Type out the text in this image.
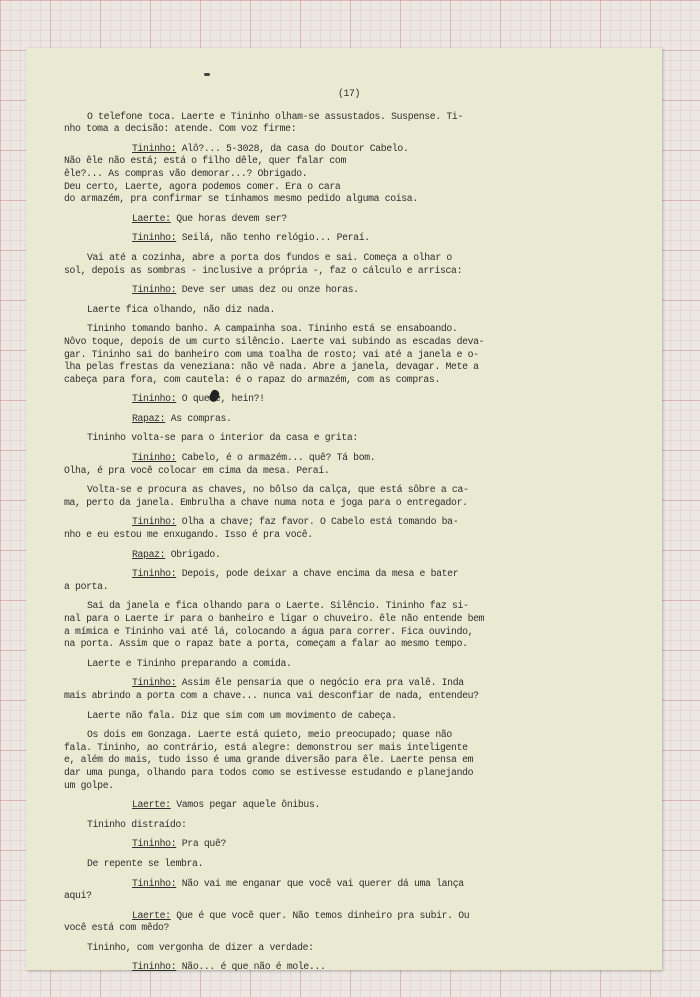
(17)
O telefone toca. Laerte e Tininho olham-se assustados. Suspense. Ti-
nho toma a decisão: atende. Com voz firme:
Tininho: Alô?... 5-3028, da casa do Doutor Cabelo.
Não êle não está; está o filho dêle, quer falar com
êle?... As compras vão demorar...? Obrigado.
Deu certo, Laerte, agora podemos comer. Era o cara
do armazém, pra confirmar se tínhamos mesmo pedido alguma coisa.
Laerte: Que horas devem ser?
Tininho: Seilá, não tenho relógio... Peraí.
Vai até a cozinha, abre a porta dos fundos e sai. Começa a olhar o
sol, depois as sombras - inclusive a própria -, faz o cálculo e arrisca:
Tininho: Deve ser umas dez ou onze horas.
Laerte fica olhando, não diz nada.
Tininho tomando banho. A campainha soa. Tininho está se ensaboando.
Nôvo toque, depois de um curto silêncio. Laerte vai subindo as escadas deva-
gar. Tininho sai do banheiro com uma toalha de rosto; vai até a janela e o-
lha pelas frestas da veneziana: não vê nada. Abre a janela, devagar. Mete a
cabeça para fora, com cautela: é o rapaz do armazém, com as compras.
Tininho: O que é, hein?!
Rapaz: As compras.
Tininho volta-se para o interior da casa e grita:
Tininho: Cabelo, é o armazém... quê? Tá bom.
Olha, é pra você colocar em cima da mesa. Peraí.
Volta-se e procura as chaves, no bôlso da calça, que está sôbre a ca-
ma, perto da janela. Embrulha a chave numa nota e joga para o entregador.
Tininho: Olha a chave; faz favor. O Cabelo está tomando ba-
nho e eu estou me enxugando. Isso é pra você.
Rapaz: Obrigado.
Tininho: Depois, pode deixar a chave encima da mesa e bater
a porta.
Sai da janela e fica olhando para o Laerte. Silêncio. Tininho faz si-
nal para o Laerte ir para o banheiro e ligar o chuveiro. êle não entende bem
a mímica e Tininho vai até lá, colocando a água para correr. Fica ouvindo,
na porta. Assim que o rapaz bate a porta, começam a falar ao mesmo tempo.
Laerte e Tininho preparando a comida.
Tininho: Assim êle pensaria que o negócio era pra valê. Inda
mais abrindo a porta com a chave... nunca vai desconfiar de nada, entendeu?
Laerte não fala. Diz que sim com um movimento de cabeça.
Os dois em Gonzaga. Laerte está quieto, meio preocupado; quase não
fala. Tininho, ao contrário, está alegre: demonstrou ser mais inteligente
e, além do mais, tudo isso é uma grande diversão para êle. Laerte pensa em
dar uma punga, olhando para todos como se estivesse estudando e planejando
um golpe.
Laerte: Vamos pegar aquele ônibus.
Tininho distraído:
Tininho: Pra quê?
De repente se lembra.
Tininho: Não vai me enganar que você vai querer dá uma lança
aqui?
Laerte: Que é que você quer. Não temos dinheiro pra subir. Ou
você está com mêdo?
Tininho, com vergonha de dizer a verdade:
Tininho: Não... é que não é mole...
